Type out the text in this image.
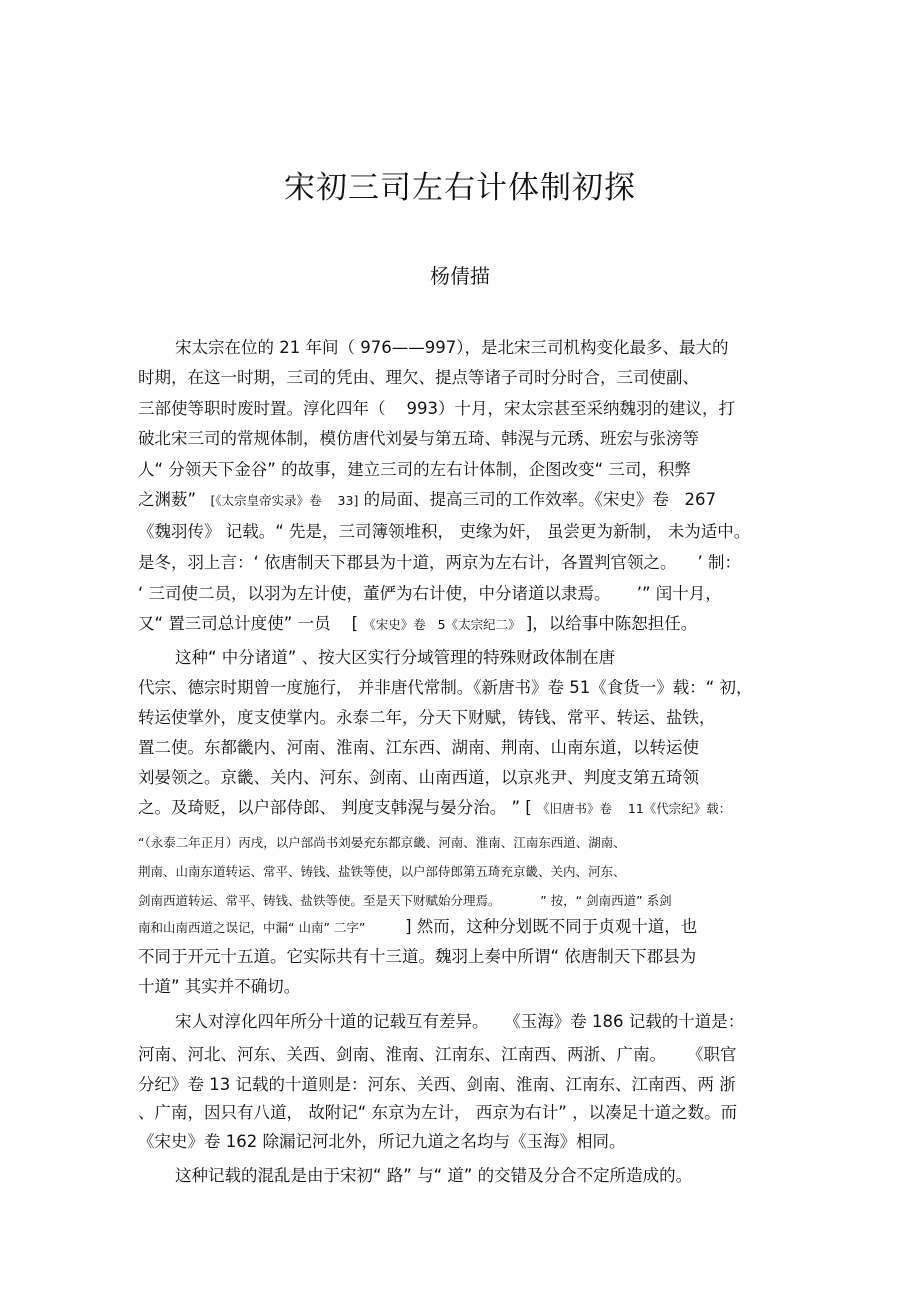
宋初三司左右计体制初探
杨倩描
宋太宗在位的 21 年间（ 976——997），是北宋三司机构变化最多、最大的
时期，在这一时期，三司的凭由、理欠、提点等诸子司时分时合，三司使副、
三部使等职时废时置。淳化四年（    993）十月，宋太宗甚至采纳魏羽的建议，打
破北宋三司的常规体制，模仿唐代刘晏与第五琦、韩滉与元琇、班宏与张滂等
人“ 分领天下金谷” 的故事，建立三司的左右计体制，企图改变“ 三司，积弊
之渊薮”   [《太宗皇帝实录》卷    33] 的局面、提高三司的工作效率。《宋史》卷   267
《魏羽传》 记载。“ 先是，三司簿领堆积， 吏缘为奸， 虽尝更为新制， 未为适中。
是冬，羽上言：‘ 依唐制天下郡县为十道，两京为左右计，各置判官领之。    ’ 制：
‘ 三司使二员，以羽为左计使，董俨为右计使，中分诸道以隶焉。     ’” 闰十月，
又“ 置三司总计度使” 一员    [ 《宋史》卷   5《太宗纪二》 ]，以给事中陈恕担任。
这种“ 中分诸道” 、按大区实行分域管理的特殊财政体制在唐
代宗、德宗时期曾一度施行， 并非唐代常制。《新唐书》卷 51《食货一》载：“ 初，
转运使掌外，度支使掌内。永泰二年，分天下财赋，铸钱、常平、转运、盐铁，
置二使。东都畿内、河南、淮南、江东西、湖南、荆南、山南东道，以转运使
刘晏领之。京畿、关内、河东、剑南、山南西道，以京兆尹、判度支第五琦领
之。及琦贬，以户部侍郎、 判度支韩滉与晏分治。 ” [ 《旧唐书》卷    11《代宗纪》载：
“（永泰二年正月）丙戌，以户部尚书刘晏充东都京畿、河南、淮南、江南东西道、湖南、
荆南、山南东道转运、常平、铸钱、盐铁等使，以户部侍郎第五琦充京畿、关内、河东、
剑南西道转运、常平、铸钱、盐铁等使。至是天下财赋始分理焉。          ” 按，“ 剑南西道” 系剑
南和山南西道之误记，中漏“ 山南” 二字”          ] 然而，这种分划既不同于贞观十道，也
不同于开元十五道。它实际共有十三道。魏羽上奏中所谓“ 依唐制天下郡县为
十道” 其实并不确切。
宋人对淳化四年所分十道的记载互有差异。   《玉海》卷 186 记载的十道是：
河南、河北、河东、关西、剑南、淮南、江南东、江南西、两浙、广南。    《职官
分纪》卷 13 记载的十道则是：河东、关西、剑南、淮南、江南东、江南西、两 浙
、广南，因只有八道， 故附记“ 东京为左计， 西京为右计” ，以凑足十道之数。而
《宋史》卷 162 除漏记河北外，所记九道之名均与《玉海》相同。
这种记载的混乱是由于宋初“ 路” 与“ 道” 的交错及分合不定所造成的。
